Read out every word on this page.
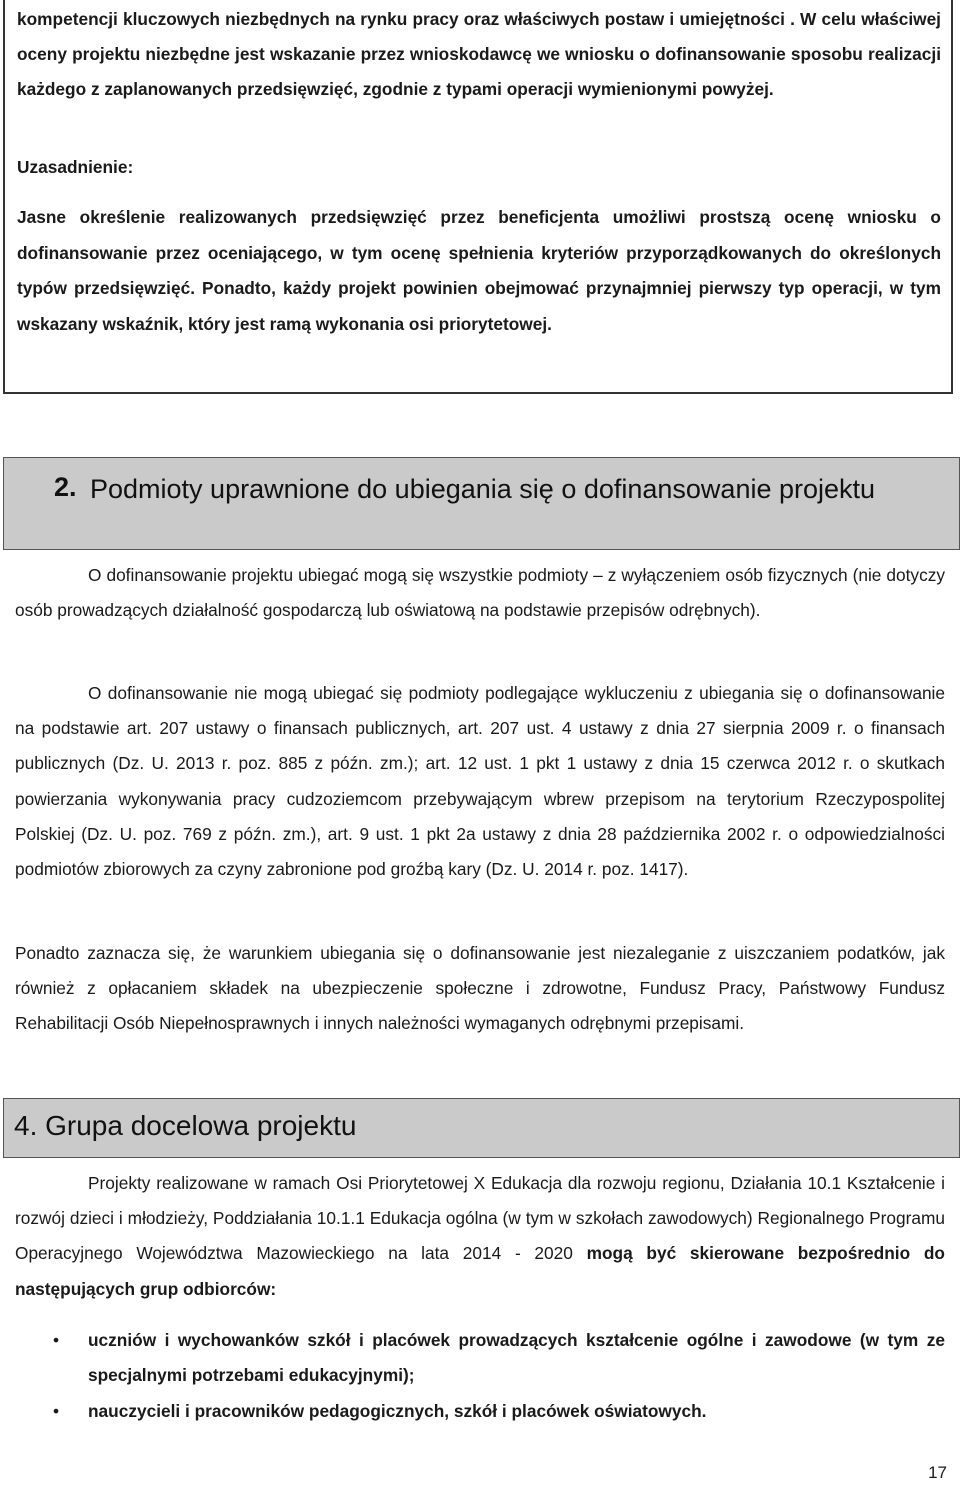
kompetencji kluczowych niezbędnych na rynku pracy oraz właściwych postaw i umiejętności . W celu właściwej oceny projektu niezbędne jest wskazanie przez wnioskodawcę we wniosku o dofinansowanie sposobu realizacji każdego z zaplanowanych przedsięwzięć, zgodnie z typami operacji wymienionymi powyżej.

Uzasadnienie:

Jasne określenie realizowanych przedsięwzięć przez beneficjenta umożliwi prostszą ocenę wniosku o dofinansowanie przez oceniającego, w tym ocenę spełnienia kryteriów przyporządkowanych do określonych typów przedsięwzięć. Ponadto, każdy projekt powinien obejmować przynajmniej pierwszy typ operacji, w tym wskazany wskaźnik, który jest ramą wykonania osi priorytetowej.

2. Podmioty uprawnione do ubiegania się o dofinansowanie projektu

O dofinansowanie projektu ubiegać mogą się wszystkie podmioty – z wyłączeniem osób fizycznych (nie dotyczy osób prowadzących działalność gospodarczą lub oświatową na podstawie przepisów odrębnych).

O dofinansowanie nie mogą ubiegać się podmioty podlegające wykluczeniu z ubiegania się o dofinansowanie na podstawie art. 207 ustawy o finansach publicznych, art. 207 ust. 4 ustawy z dnia 27 sierpnia 2009 r. o finansach publicznych (Dz. U. 2013 r. poz. 885 z późn. zm.); art. 12 ust. 1 pkt 1 ustawy z dnia 15 czerwca 2012 r. o skutkach powierzania wykonywania pracy cudzoziemcom przebywającym wbrew przepisom na terytorium Rzeczypospolitej Polskiej (Dz. U. poz. 769 z późn. zm.), art. 9 ust. 1 pkt 2a ustawy z dnia 28 października 2002 r. o odpowiedzialności podmiotów zbiorowych za czyny zabronione pod groźbą kary (Dz. U. 2014 r. poz. 1417).

Ponadto zaznacza się, że warunkiem ubiegania się o dofinansowanie jest niezaleganie z uiszczaniem podatków, jak również z opłacaniem składek na ubezpieczenie społeczne i zdrowotne, Fundusz Pracy, Państwowy Fundusz Rehabilitacji Osób Niepełnosprawnych i innych należności wymaganych odrębnymi przepisami.

4. Grupa docelowa projektu

Projekty realizowane w ramach Osi Priorytetowej X Edukacja dla rozwoju regionu, Działania 10.1 Kształcenie i rozwój dzieci i młodzieży, Poddziałania 10.1.1 Edukacja ogólna (w tym w szkołach zawodowych) Regionalnego Programu Operacyjnego Województwa Mazowieckiego na lata 2014 - 2020 mogą być skierowane bezpośrednio do następujących grup odbiorców:

• uczniów i wychowanków szkół i placówek prowadzących kształcenie ogólne i zawodowe (w tym ze specjalnymi potrzebami edukacyjnymi);
• nauczycieli i pracowników pedagogicznych, szkół i placówek oświatowych.
17
